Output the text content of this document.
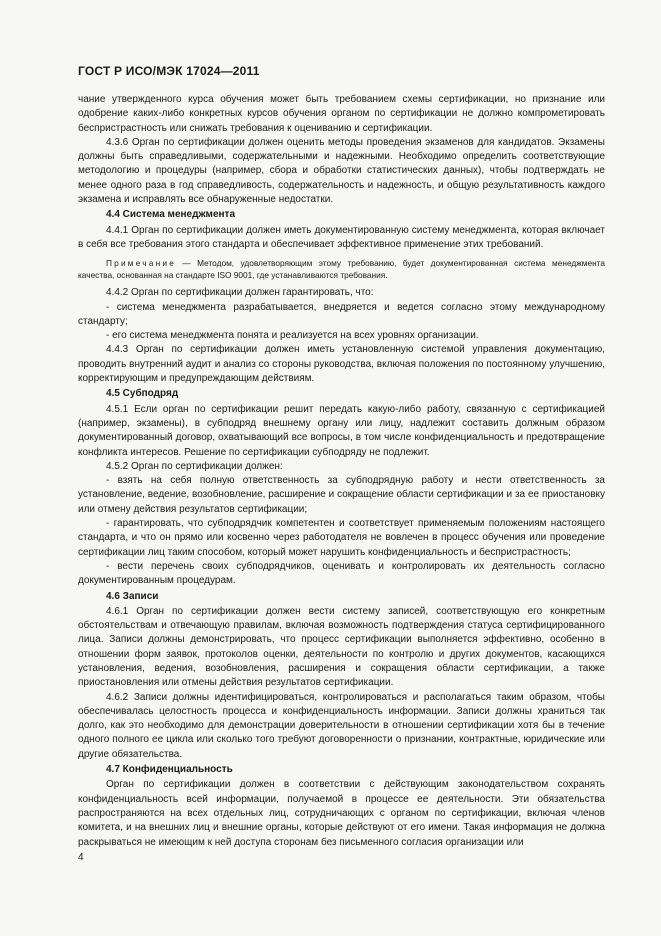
ГОСТ Р ИСО/МЭК 17024—2011

чание утвержденного курса обучения может быть требованием схемы сертификации, но признание или одобрение каких-либо конкретных курсов обучения органом по сертификации не должно компрометировать беспристрастность или снижать требования к оцениванию и сертификации.

4.3.6 Орган по сертификации должен оценить методы проведения экзаменов для кандидатов. Экзамены должны быть справедливыми, содержательными и надежными. Необходимо определить соответствующие методологию и процедуры (например, сбора и обработки статистических данных), чтобы подтверждать не менее одного раза в год справедливость, содержательность и надежность, и общую результативность каждого экзамена и исправлять все обнаруженные недостатки.

4.4 Система менеджмента

4.4.1 Орган по сертификации должен иметь документированную систему менеджмента, которая включает в себя все требования этого стандарта и обеспечивает эффективное применение этих требований.

Примечание — Методом, удовлетворяющим этому требованию, будет документированная система менеджмента качества, основанная на стандарте ISO 9001, где устанавливаются требования.

4.4.2 Орган по сертификации должен гарантировать, что:

- система менеджмента разрабатывается, внедряется и ведется согласно этому международному стандарту;

- его система менеджмента понята и реализуется на всех уровнях организации.

4.4.3 Орган по сертификации должен иметь установленную системой управления документацию, проводить внутренний аудит и анализ со стороны руководства, включая положения по постоянному улучшению, корректирующим и предупреждающим действиям.

4.5 Субподряд

4.5.1 Если орган по сертификации решит передать какую-либо работу, связанную с сертификацией (например, экзамены), в субподряд внешнему органу или лицу, надлежит составить должным образом документированный договор, охватывающий все вопросы, в том числе конфиденциальность и предотвращение конфликта интересов. Решение по сертификации субподряду не подлежит.

4.5.2 Орган по сертификации должен:

- взять на себя полную ответственность за субподрядную работу и нести ответственность за установление, ведение, возобновление, расширение и сокращение области сертификации и за ее приостановку или отмену действия результатов сертификации;

- гарантировать, что субподрядчик компетентен и соответствует применяемым положениям настоящего стандарта, и что он прямо или косвенно через работодателя не вовлечен в процесс обучения или проведение сертификации лиц таким способом, который может нарушить конфиденциальность и беспристрастность;

- вести перечень своих субподрядчиков, оценивать и контролировать их деятельность согласно документированным процедурам.

4.6 Записи

4.6.1 Орган по сертификации должен вести систему записей, соответствующую его конкретным обстоятельствам и отвечающую правилам, включая возможность подтверждения статуса сертифицированного лица. Записи должны демонстрировать, что процесс сертификации выполняется эффективно, особенно в отношении форм заявок, протоколов оценки, деятельности по контролю и других документов, касающихся установления, ведения, возобновления, расширения и сокращения области сертификации, а также приостановления или отмены действия результатов сертификации.

4.6.2 Записи должны идентифицироваться, контролироваться и располагаться таким образом, чтобы обеспечивалась целостность процесса и конфиденциальность информации. Записи должны храниться так долго, как это необходимо для демонстрации доверительности в отношении сертификации хотя бы в течение одного полного ее цикла или сколько того требуют договоренности о признании, контрактные, юридические или другие обязательства.

4.7 Конфиденциальность

Орган по сертификации должен в соответствии с действующим законодательством сохранять конфиденциальность всей информации, получаемой в процессе ее деятельности. Эти обязательства распространяются на всех отдельных лиц, сотрудничающих с органом по сертификации, включая членов комитета, и на внешних лиц и внешние органы, которые действуют от его имени. Такая информация не должна раскрываться не имеющим к ней доступа сторонам без письменного согласия организации или

4
